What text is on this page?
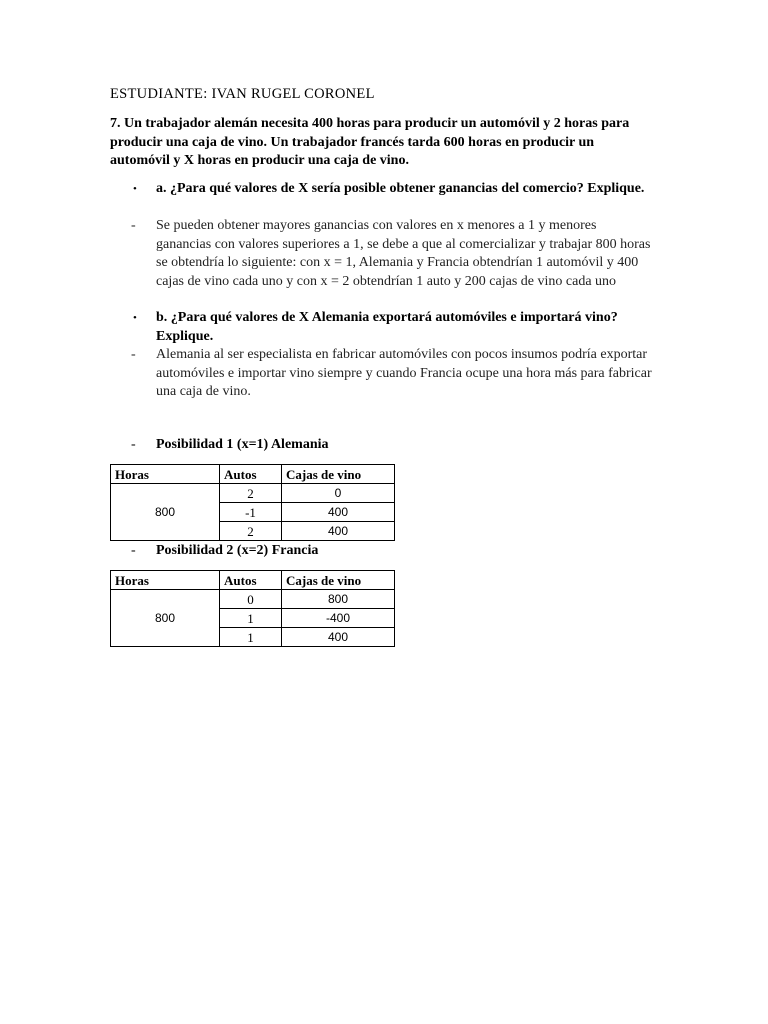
ESTUDIANTE: IVAN RUGEL CORONEL
7. Un trabajador alemán necesita 400 horas para producir un automóvil y 2 horas para producir una caja de vino. Un trabajador francés tarda 600 horas en producir un automóvil y X horas en producir una caja de vino.
• a. ¿Para qué valores de X sería posible obtener ganancias del comercio? Explique.
- Se pueden obtener mayores ganancias con valores en x menores a 1 y menores ganancias con valores superiores a 1, se debe a que al comercializar y trabajar 800 horas se obtendría lo siguiente: con x = 1, Alemania y Francia obtendrían 1 automóvil y 400 cajas de vino cada uno y con x = 2 obtendrían 1 auto y 200 cajas de vino cada uno
• b. ¿Para qué valores de X Alemania exportará automóviles e importará vino? Explique.
- Alemania al ser especialista en fabricar automóviles con pocos insumos podría exportar automóviles e importar vino siempre y cuando Francia ocupe una hora más para fabricar una caja de vino.
- Posibilidad 1 (x=1) Alemania
Horas	Autos	Cajas de vino
800	2	0
	-1	400
	2	400
- Posibilidad 2 (x=2) Francia
Horas	Autos	Cajas de vino
800	0	800
	1	-400
	1	400
